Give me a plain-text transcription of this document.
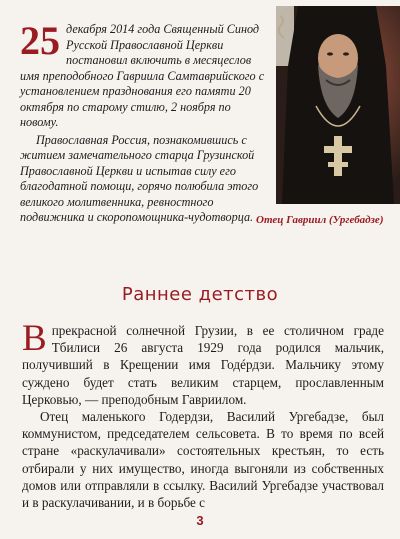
25 декабря 2014 года Священный Синод Русской Православной Церкви постановил включить в месяцеслов имя преподобного Гавриила Самтаврийского с установлением празднования его памяти 20 октября по старому стилю, 2 ноября по новому.

Православная Россия, познакомившись с житием замечательного старца Грузинской Православной Церкви и испытав силу его благодатной помощи, горячо полюбила этого великого молитвенника, ревностного подвижника и скоропомощника-чудотворца. Отец Гавриил (Ургебадзе)
Раннее детство

Впрекрасной солнечной Грузии, в ее столичном граде Тбилиси 26 августа 1929 года родился мальчик, получивший в Крещении имя Годéрдзи. Мальчику этому суждено будет стать великим старцем, прославленным Церковью, — преподобным Гавриилом.

Отец маленького Годердзи, Василий Ургебадзе, был коммунистом, председателем сельсовета. В то время по всей стране «раскулачивали» состоятельных крестьян, то есть отбирали у них имущество, иногда выгоняли из собственных домов или отправляли в ссылку. Василий Ургебадзе участвовал и в раскулачивании, и в борьбе с

3
